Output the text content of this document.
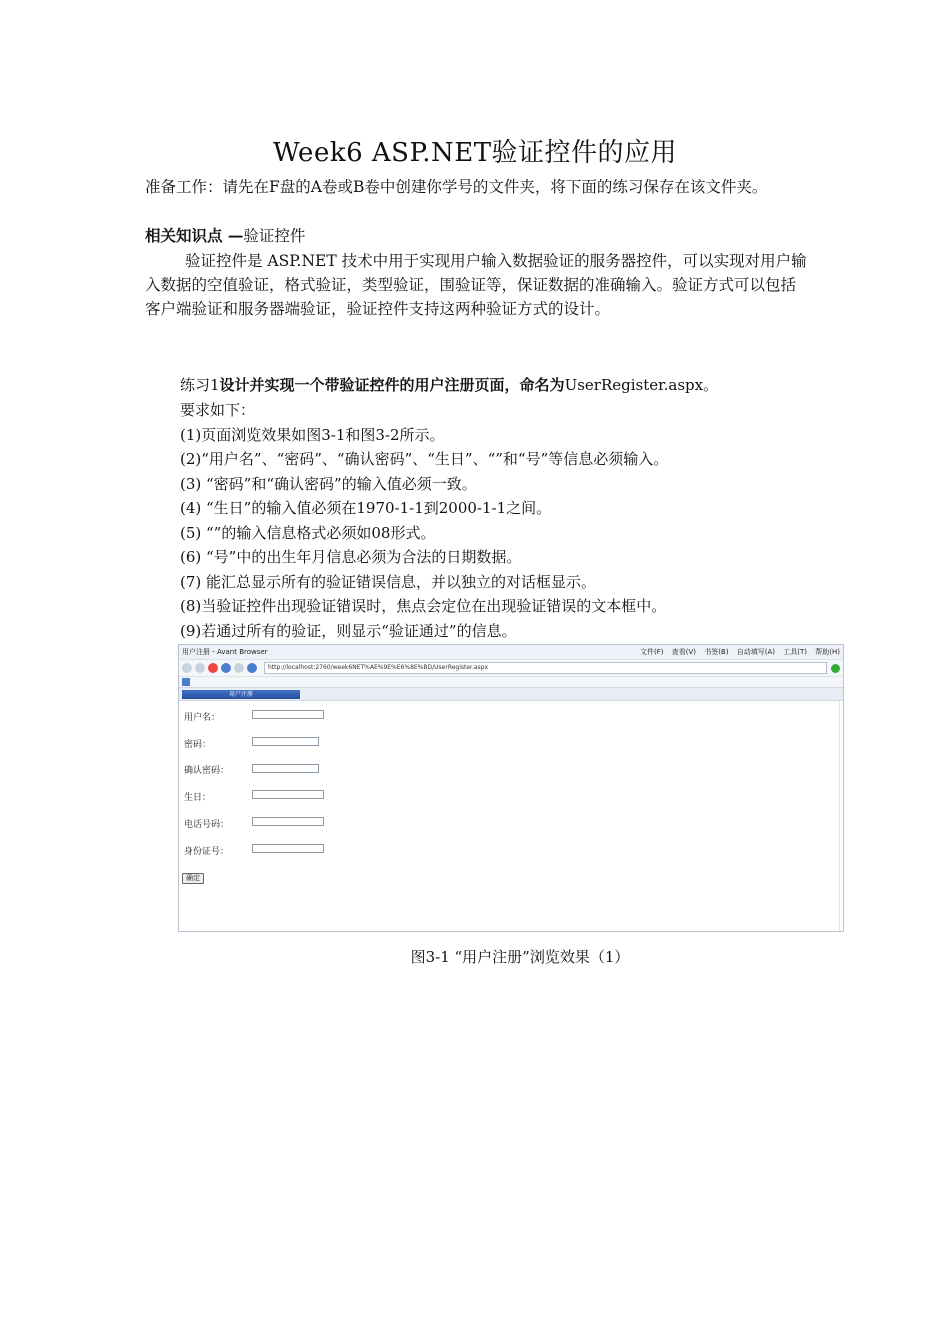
Week6 ASP.NET验证控件的应用
准备工作：请先在F盘的A卷或B卷中创建你学号的文件夹，将下面的练习保存在该文件夹。
相关知识点 —验证控件
验证控件是 ASP.NET 技术中用于实现用户输入数据验证的服务器控件，可以实现对用户输入数据的空值验证，格式验证，类型验证，围验证等，保证数据的准确输入。验证方式可以包括客户端验证和服务器端验证，验证控件支持这两种验证方式的设计。
练习1设计并实现一个带验证控件的用户注册页面，命名为UserRegister.aspx。
要求如下：
(1)页面浏览效果如图3-1和图3-2所示。
(2)“用户名”、“密码”、“确认密码”、“生日”、“”和“号”等信息必须输入。
(3) “密码”和“确认密码”的输入值必须一致。
(4) “生日”的输入值必须在1970-1-1到2000-1-1之间。
(5) “”的输入信息格式必须如08形式。
(6) “号”中的出生年月信息必须为合法的日期数据。
(7) 能汇总显示所有的验证错误信息，并以独立的对话框显示。
(8)当验证控件出现验证错误时，焦点会定位在出现验证错误的文本框中。
(9)若通过所有的验证，则显示“验证通过”的信息。
用户注册 - Avant Browser	文件(F) 查看(V) 书签(B) 自动填写(A) 工具(T) 帮助(H)
http://localhost:2760/week6NET%AE%9E%E6%8E%BD/UserRegister.aspx
用户注册
用户名：
密码：
确认密码：
生日：
电话号码：
身份证号：
确定
图3-1 “用户注册”浏览效果（1）
